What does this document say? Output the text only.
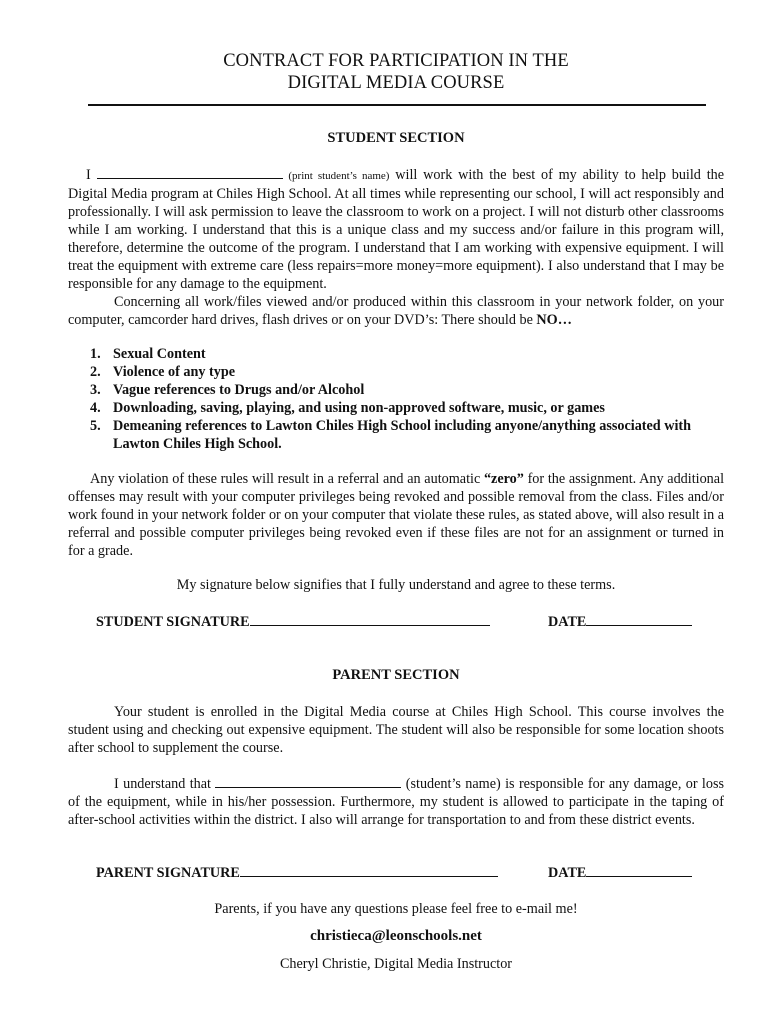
CONTRACT FOR PARTICIPATION IN THE
DIGITAL MEDIA COURSE
STUDENT SECTION

I	(print student’s name) will work with the best of my ability to help build the Digital Media program at Chiles High School. At all times while representing our school, I will act responsibly and professionally. I will ask permission to leave the classroom to work on a project. I will not disturb other classrooms while I am working. I understand that this is a unique class and my success and/or failure in this program will, therefore, determine the outcome of the program. I understand that I am working with expensive equipment. I will treat the equipment with extreme care (less repairs=more money=more equipment). I also understand that I may be responsible for any damage to the equipment.
Concerning all work/files viewed and/or produced within this classroom in your network folder, on your computer, camcorder hard drives, flash drives or on your DVD’s: There should be NO…

1. Sexual Content
2. Violence of any type
3. Vague references to Drugs and/or Alcohol
4. Downloading, saving, playing, and using non-approved software, music, or games
5. Demeaning references to Lawton Chiles High School including anyone/anything associated with Lawton Chiles High School.

Any violation of these rules will result in a referral and an automatic “zero” for the assignment. Any additional offenses may result with your computer privileges being revoked and possible removal from the class. Files and/or work found in your network folder or on your computer that violate these rules, as stated above, will also result in a referral and possible computer privileges being revoked even if these files are not for an assignment or turned in for a grade.

My signature below signifies that I fully understand and agree to these terms.
STUDENT SIGNATURE	DATE
PARENT SECTION

Your student is enrolled in the Digital Media course at Chiles High School. This course involves the student using and checking out expensive equipment. The student will also be responsible for some location shoots after school to supplement the course.

I understand that	(student’s name) is responsible for any damage, or loss of the equipment, while in his/her possession. Furthermore, my student is allowed to participate in the taping of after-school activities within the district. I also will arrange for transportation to and from these district events.

PARENT SIGNATURE	DATE
Parents, if you have any questions please feel free to e-mail me!
christieca@leonschools.net
Cheryl Christie, Digital Media Instructor
